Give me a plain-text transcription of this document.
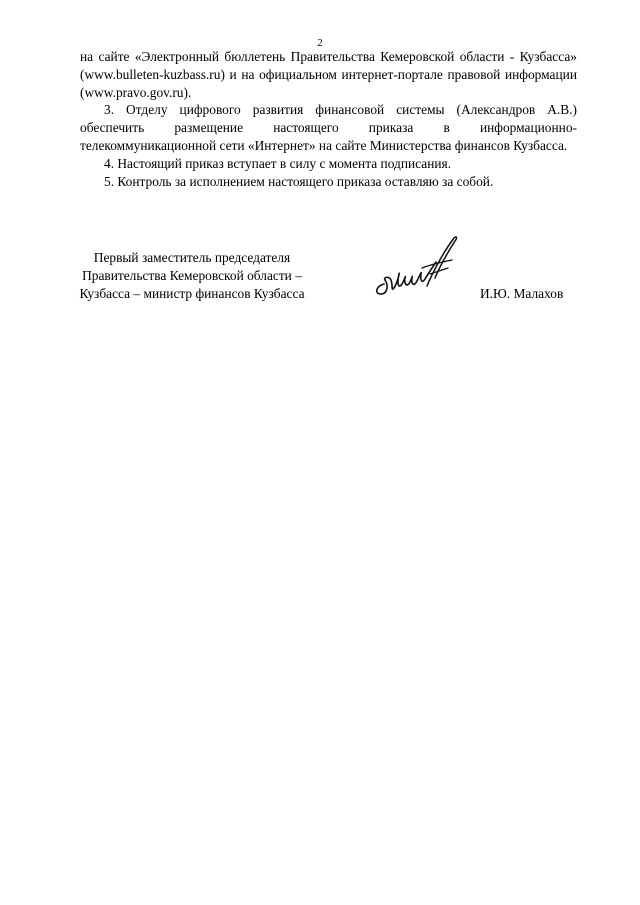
2

на сайте «Электронный бюллетень Правительства Кемеровской области - Кузбасса» (www.bulleten-kuzbass.ru) и на официальном интернет-портале правовой информации (www.pravo.gov.ru).

3. Отделу цифрового развития финансовой системы (Александров А.В.) обеспечить размещение настоящего приказа в информационно-телекоммуникационной сети «Интернет» на сайте Министерства финансов Кузбасса.

4. Настоящий приказ вступает в силу с момента подписания.

5. Контроль за исполнением настоящего приказа оставляю за собой.

Первый заместитель председателя
Правительства Кемеровской области –
Кузбасса – министр финансов Кузбасса	И.Ю. Малахов
